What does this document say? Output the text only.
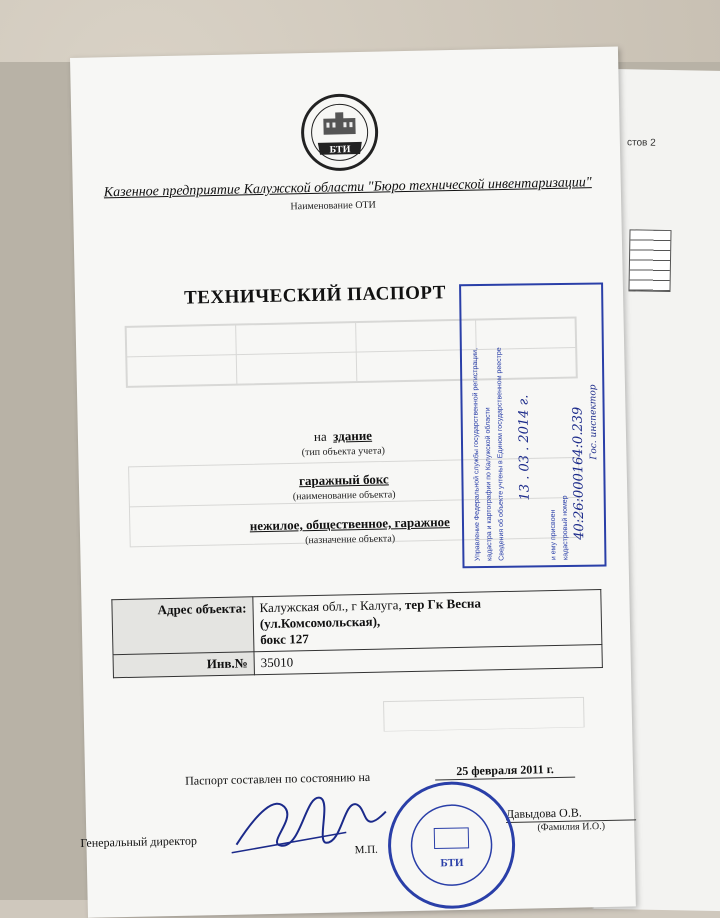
стов 2
БТИ
Казенное предприятие Калужской области "Бюро технической инвентаризации"
Наименование ОТИ
ТЕХНИЧЕСКИЙ ПАСПОРТ
на здание
(тип объекта учета)
гаражный бокс
(наименование объекта)
нежилое, общественное, гаражное
(назначение объекта)
Адрес объекта:	Калужская обл., г Калуга, тер Гк Весна (ул.Комсомольская),
бокс 127
Инв.№	35010
Паспорт составлен по состоянию на	25 февраля 2011 г.
Генеральный директор
Давыдова О.В.
(Фамилия И.О.)
М.П.
БТИ
Управление Федеральной службы государственной регистрации, кадастра и картографии по Калужской области Сведения об объекте учтены в Едином государственном реестре	и ему присвоен кадастровый номер
13 . 03 . 2014 г.	40:26:000164:0.239 Гос. инспектор
